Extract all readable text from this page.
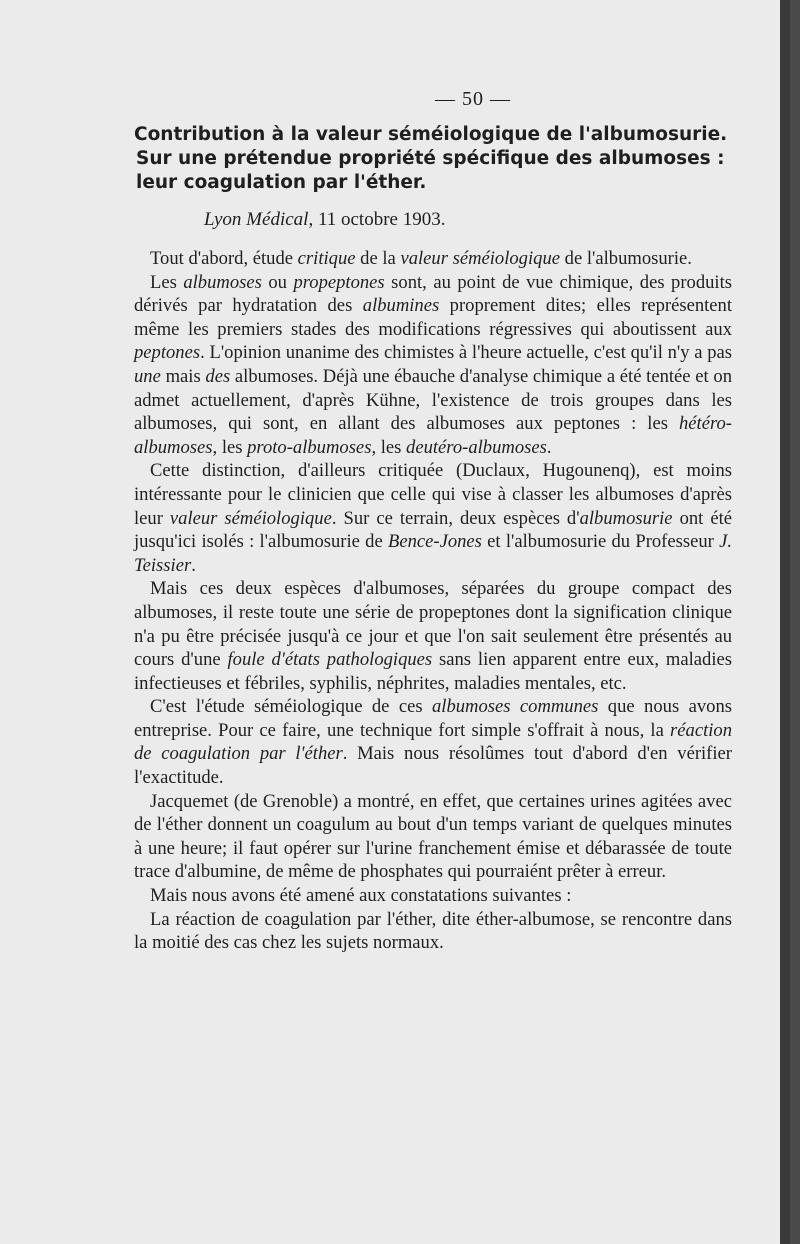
— 50 —
Contribution à la valeur séméiologique de l'albumosurie.
Sur une prétendue propriété spécifique des albumoses :
leur coagulation par l'éther.
Lyon Médical, 11 octobre 1903.

Tout d'abord, étude critique de la valeur séméiologique de l'albumosurie.

Les albumoses ou propeptones sont, au point de vue chimique, des produits dérivés par hydratation des albumines proprement dites; elles représentent même les premiers stades des modifications régressives qui aboutissent aux peptones. L'opinion unanime des chimistes à l'heure actuelle, c'est qu'il n'y a pas une mais des albumoses. Déjà une ébauche d'analyse chimique a été tentée et on admet actuellement, d'après Kühne, l'existence de trois groupes dans les albumoses, qui sont, en allant des albumoses aux peptones : les hétéro-albumoses, les proto-albumoses, les deutéro-albumoses.

Cette distinction, d'ailleurs critiquée (Duclaux, Hugounenq), est moins intéressante pour le clinicien que celle qui vise à classer les albumoses d'après leur valeur séméiologique. Sur ce terrain, deux espèces d'albumosurie ont été jusqu'ici isolés : l'albumosurie de Bence-Jones et l'albumosurie du Professeur J. Teissier.

Mais ces deux espèces d'albumoses, séparées du groupe compact des albumoses, il reste toute une série de propeptones dont la signification clinique n'a pu être précisée jusqu'à ce jour et que l'on sait seulement être présentés au cours d'une foule d'états pathologiques sans lien apparent entre eux, maladies infectieuses et fébriles, syphilis, néphrites, maladies mentales, etc.

C'est l'étude séméiologique de ces albumoses communes que nous avons entreprise. Pour ce faire, une technique fort simple s'offrait à nous, la réaction de coagulation par l'éther. Mais nous résolûmes tout d'abord d'en vérifier l'exactitude.

Jacquemet (de Grenoble) a montré, en effet, que certaines urines agitées avec de l'éther donnent un coagulum au bout d'un temps variant de quelques minutes à une heure; il faut opérer sur l'urine franchement émise et débarassée de toute trace d'albumine, de même de phosphates qui pourraiént prêter à erreur.

Mais nous avons été amené aux constatations suivantes :

La réaction de coagulation par l'éther, dite éther-albumose, se rencontre dans la moitié des cas chez les sujets normaux.
